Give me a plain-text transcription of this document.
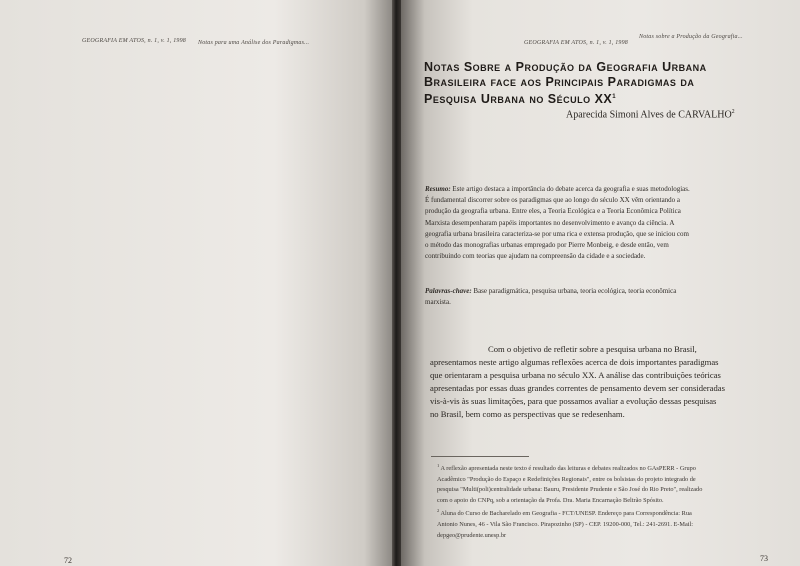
GEOGRAFIA EM ATOS, n. 1, v. 1, 1998 Notas para uma Análise dos Paradigmas...
72
GEOGRAFIA EM ATOS, n. 1, v. 1, 1998
Notas sobre a Produção da Geografia...
Notas Sobre a Produção da Geografia Urbana
Brasileira face aos Principais Paradigmas da
Pesquisa Urbana no Século $XX^1$
Aparecida Simoni Alves de CARVALHO$^2$
Resumo: Este artigo destaca a importância do debate acerca da geografia e suas metodologias.
É fundamental discorrer sobre os paradigmas que ao longo do século XX vêm orientando a
produção da geografia urbana. Entre eles, a Teoria Ecológica e a Teoria Econômica Política
Marxista desempenharam papéis importantes no desenvolvimento e avanço da ciência. A
geografia urbana brasileira caracteriza-se por uma rica e extensa produção, que se iniciou com
o método das monografias urbanas empregado por Pierre Monbeig, e desde então, vem
contribuindo com teorias que ajudam na compreensão da cidade e a sociedade.
Palavras-chave: Base paradigmática, pesquisa urbana, teoria ecológica, teoria econômica
marxista.
Com o objetivo de refletir sobre a pesquisa urbana no Brasil,
apresentamos neste artigo algumas reflexões acerca de dois importantes paradigmas
que orientaram a pesquisa urbana no século XX. A análise das contribuições teóricas
apresentadas por essas duas grandes correntes de pensamento devem ser consideradas
vis-à-vis às suas limitações, para que possamos avaliar a evolução dessas pesquisas
no Brasil, bem como as perspectivas que se redesenham.
$^1$ A reflexão apresentada neste texto é resultado das leituras e debates realizados no GAsPERR - Grupo
Acadêmico "Produção do Espaço e Redefinições Regionais", entre os bolsistas do projeto integrado de
pesquisa "Multi(poli)centralidade urbana: Bauru, Presidente Prudente e São José do Rio Preto", realizado
com o apoio do CNPq, sob a orientação da Profa. Dra. Maria Encarnação Beltrão Spósito.
$^2$ Aluna do Curso de Bacharelado em Geografia - FCT/UNESP. Endereço para Correspondência: Rua
Antonio Nunes, 46 - Vila São Francisco. Pirapozinho (SP) - CEP. 19200-000, Tel.: 241-2691. E-Mail:
depgeo@prudente.unesp.br
73
